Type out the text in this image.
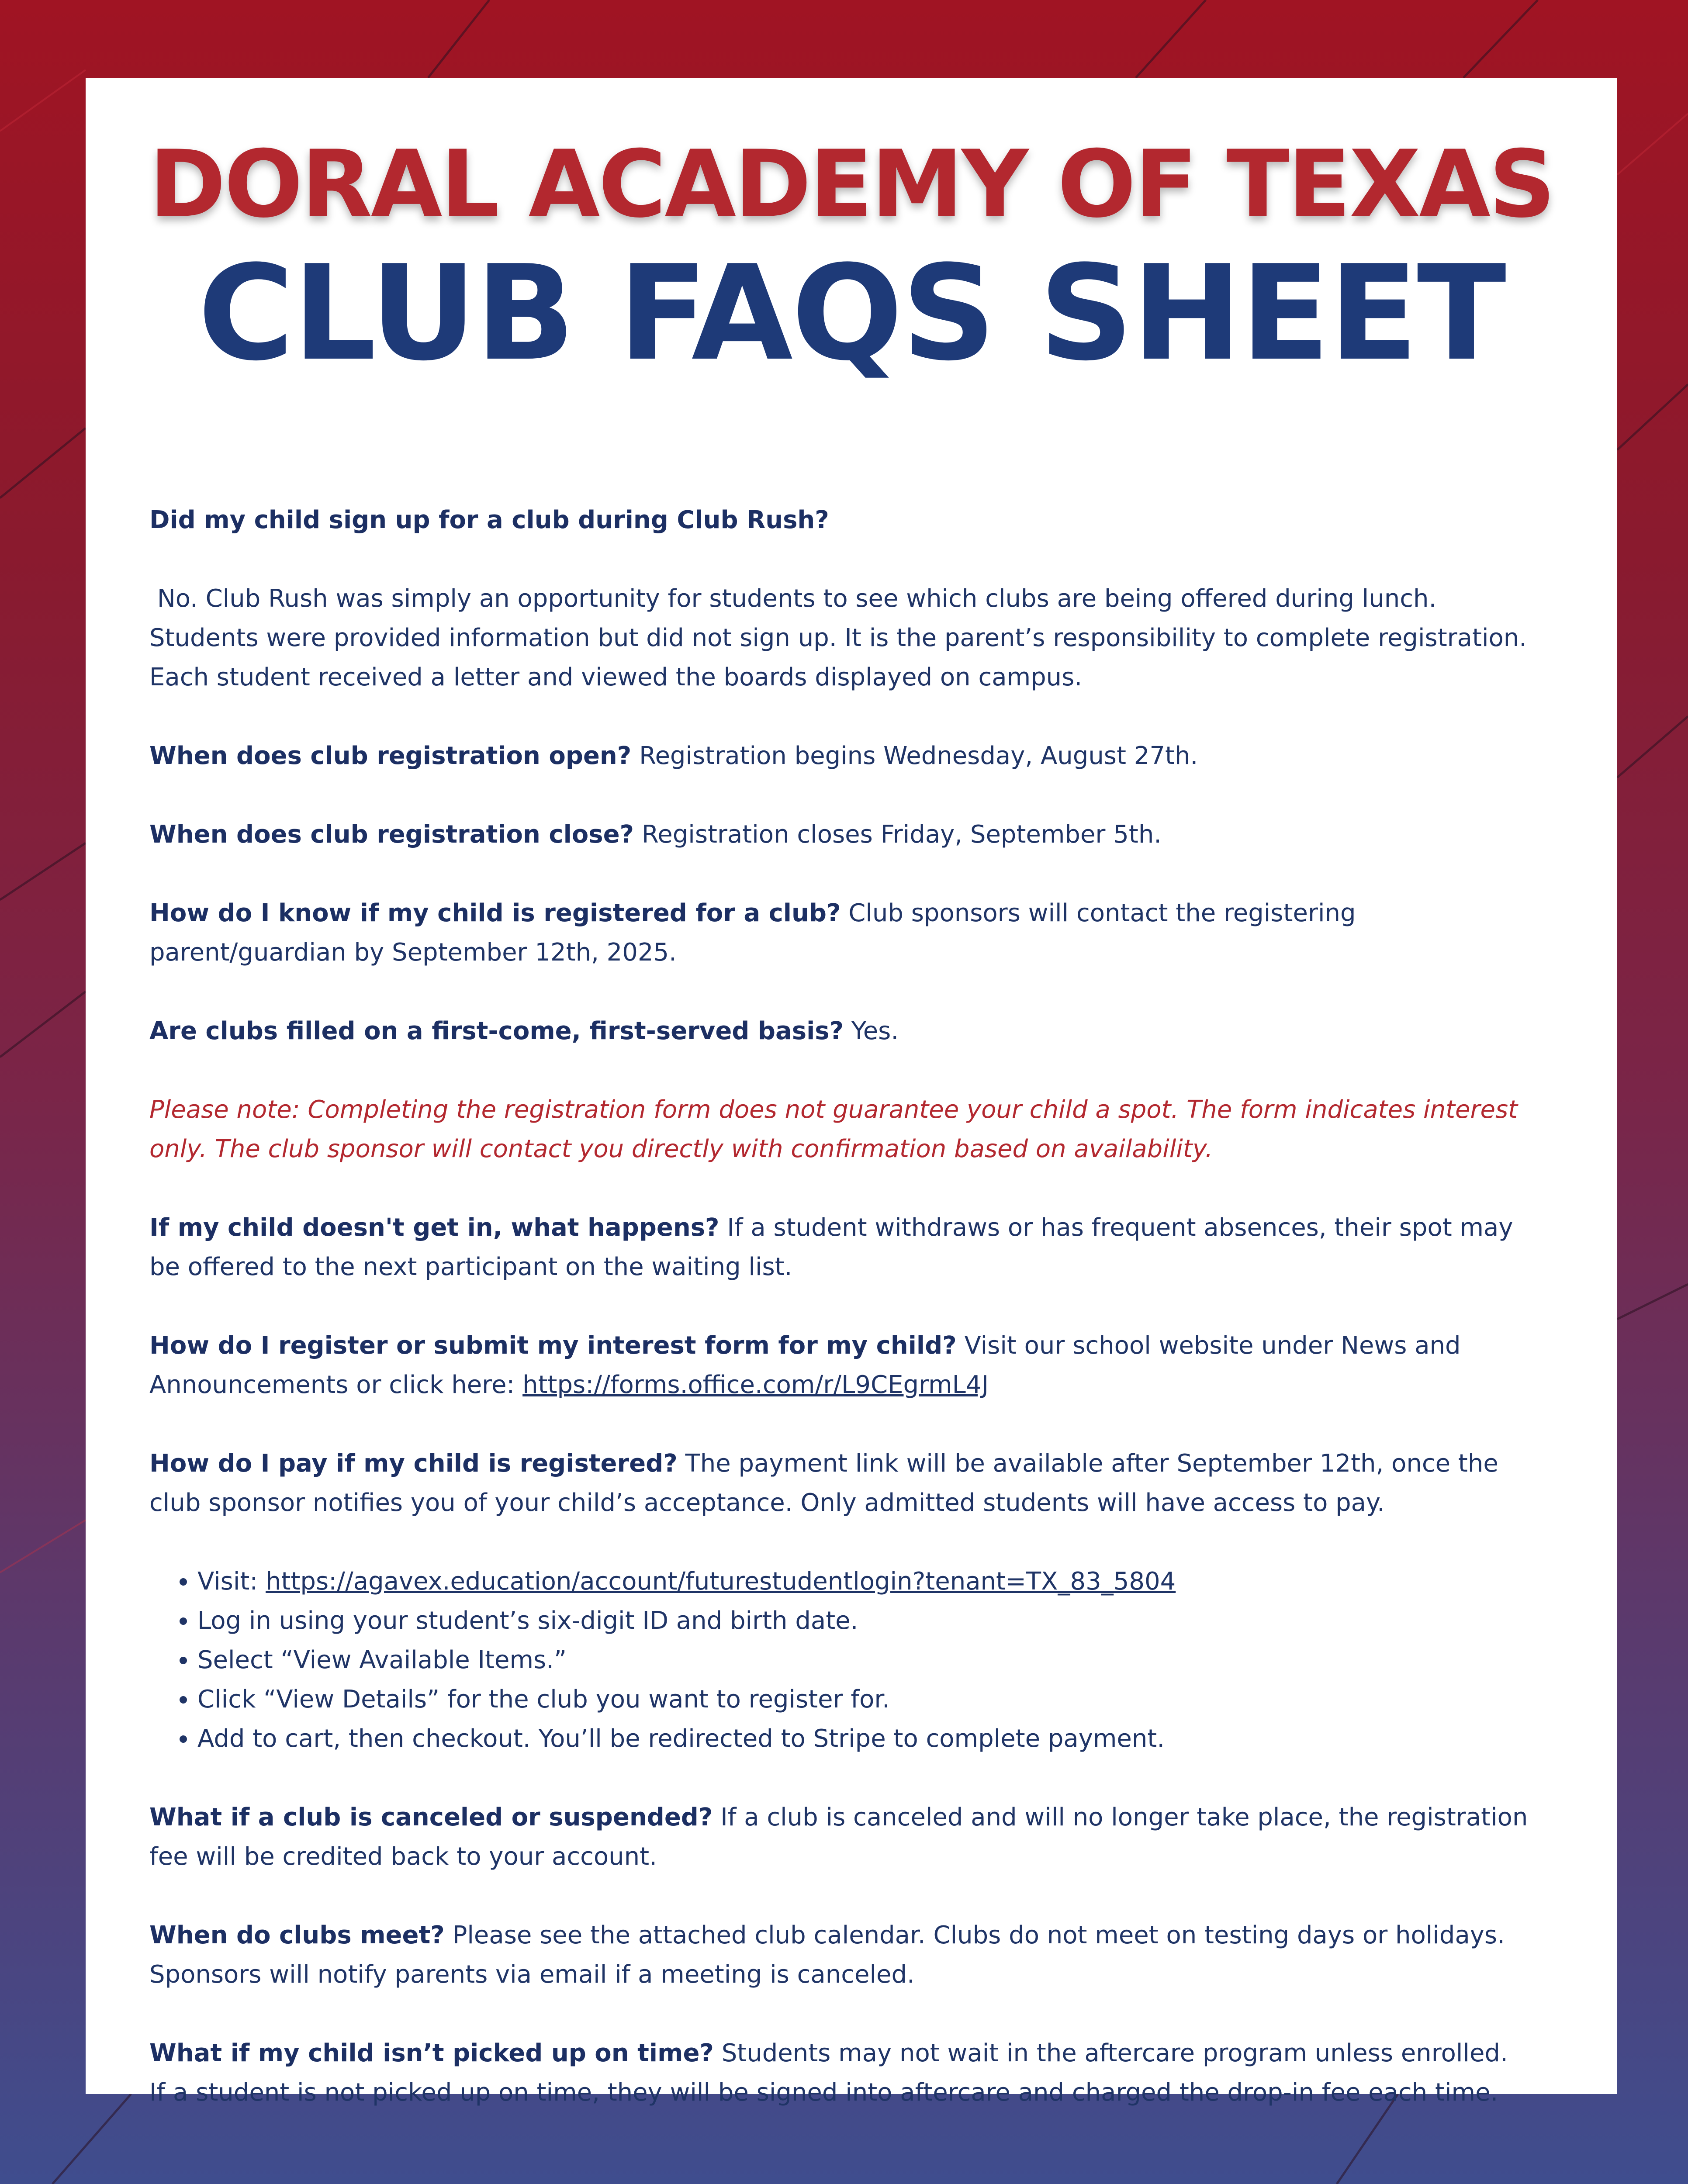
DORAL ACADEMY OF TEXAS
CLUB FAQS SHEET

Did my child sign up for a club during Club Rush?

No. Club Rush was simply an opportunity for students to see which clubs are being offered during lunch. Students were provided information but did not sign up. It is the parent’s responsibility to complete registration. Each student received a letter and viewed the boards displayed on campus.

When does club registration open? Registration begins Wednesday, August 27th.

When does club registration close? Registration closes Friday, September 5th.

How do I know if my child is registered for a club? Club sponsors will contact the registering parent/guardian by September 12th, 2025.

Are clubs filled on a first-come, first-served basis? Yes.

Please note: Completing the registration form does not guarantee your child a spot. The form indicates interest only. The club sponsor will contact you directly with confirmation based on availability.

If my child doesn't get in, what happens? If a student withdraws or has frequent absences, their spot may be offered to the next participant on the waiting list.

How do I register or submit my interest form for my child? Visit our school website under News and Announcements or click here: https://forms.office.com/r/L9CEgrmL4J

How do I pay if my child is registered? The payment link will be available after September 12th, once the club sponsor notifies you of your child’s acceptance. Only admitted students will have access to pay.

• Visit: https://agavex.education/account/futurestudentlogin?tenant=TX_83_5804
• Log in using your student’s six-digit ID and birth date.
• Select “View Available Items.”
• Click “View Details” for the club you want to register for.
• Add to cart, then checkout. You’ll be redirected to Stripe to complete payment.

What if a club is canceled or suspended? If a club is canceled and will no longer take place, the registration fee will be credited back to your account.

When do clubs meet? Please see the attached club calendar. Clubs do not meet on testing days or holidays. Sponsors will notify parents via email if a meeting is canceled.

What if my child isn’t picked up on time? Students may not wait in the aftercare program unless enrolled. If a student is not picked up on time, they will be signed into aftercare and charged the drop-in fee each time.
